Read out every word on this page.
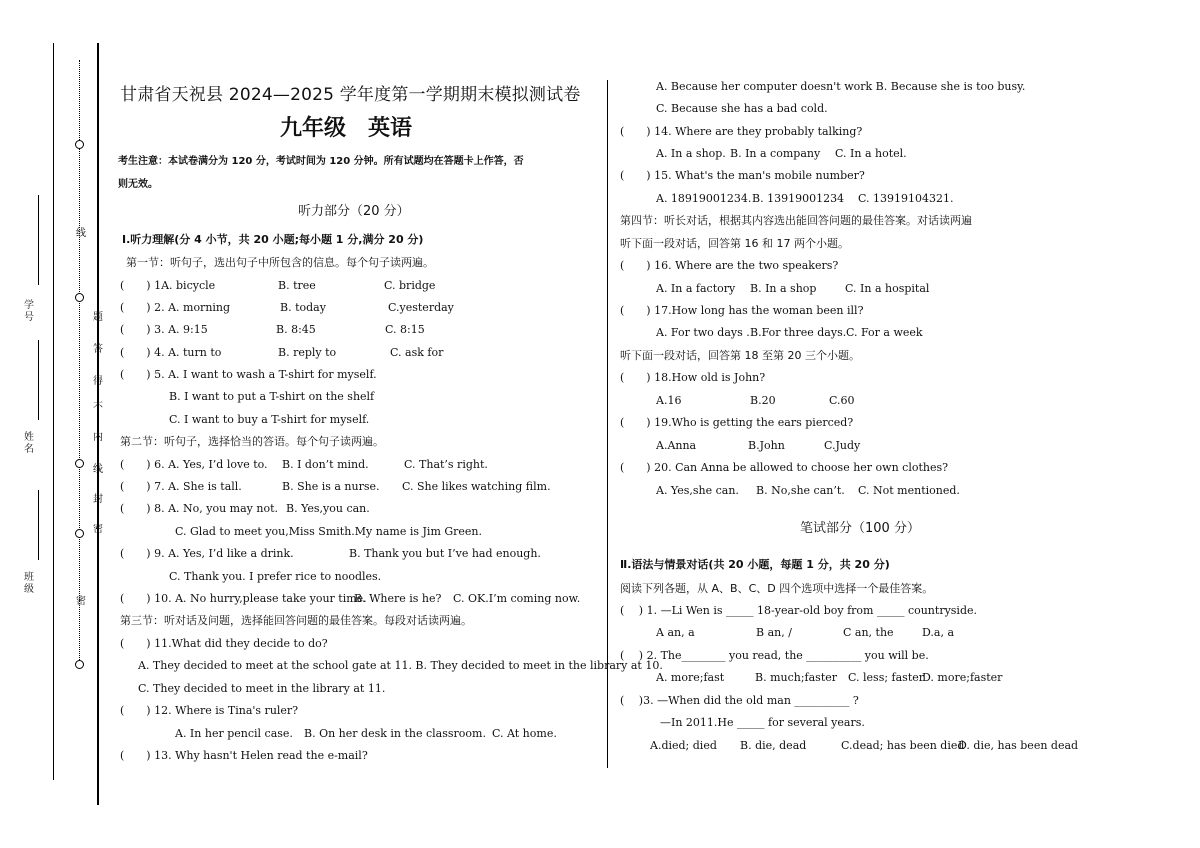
线
题
答
得
不
内
线
封
密
密
学号
姓名
班级
甘肃省天祝县 2024—2025 学年度第一学期期末模拟测试卷
九年级　英语
考生注意：本试卷满分为 120 分，考试时间为 120 分钟。所有试题均在答题卡上作答，否
则无效。
听力部分（20 分）
Ⅰ.听力理解(分 4 小节，共 20 小题;每小题 1 分,满分 20 分)
第一节：听句子，选出句子中所包含的信息。每个句子读两遍。
(　　) 1A. bicycle	B. tree	C. bridge
(　　) 2. A. morning	B. today	C.yesterday
(　　) 3. A. 9:15	B. 8:45	C. 8:15
(　　) 4. A. turn to	B. reply to	C. ask for
(　　) 5. A. I want to wash a T-shirt for myself.
B. I want to put a T-shirt on the shelf
C. I want to buy a T-shirt for myself.
第二节：听句子，选择恰当的答语。每个句子读两遍。
(　　) 6. A. Yes, I’d love to. B. I don’t mind.	C. That’s right.
(　　) 7. A. She is tall.	B. She is a nurse. C. She likes watching film.
(　　) 8. A. No, you may not. B. Yes,you can.
C. Glad to meet you,Miss Smith.My name is Jim Green.
(　　) 9. A. Yes, I’d like a drink.	B. Thank you but I’ve had enough.
C. Thank you. I prefer rice to noodles.
(　　) 10. A. No hurry,please take your time.
B. Where is he? C. OK.I’m coming now.
第三节：听对话及问题，选择能回答问题的最佳答案。每段对话读两遍。
(　　) 11.What did they decide to do?
A. They decided to meet at the school gate at 11. B. They decided to meet in the library at 10.
C. They decided to meet in the library at 11.
(　　) 12. Where is Tina's ruler?
A. In her pencil case. B. On her desk in the classroom. C. At home.
(　　) 13. Why hasn't Helen read the e-mail?
A. Because her computer doesn't work B. Because she is too busy.
C. Because she has a bad cold.
(　　) 14. Where are they probably talking?
A. In a shop. B. In a company C. In a hotel.
(　　) 15. What's the man's mobile number?
A. 18919001234. B. 13919001234 C. 13919104321.
第四节：听长对话，根据其内容选出能回答问题的最佳答案。对话读两遍
听下面一段对话，回答第 16 和 17 两个小题。
(　　) 16. Where are the two speakers?
A. In a factory B. In a shop	C. In a hospital
(　　) 17.How long has the woman been ill?
A. For two days . B.For three days. C. For a week
听下面一段对话，回答第 18 至第 20 三个小题。
(　　) 18.How old is John?
A.16	B.20	C.60
(　　) 19.Who is getting the ears pierced?
A.Anna	B.John	C.Judy
(　　) 20. Can Anna be allowed to choose her own clothes?
A. Yes,she can. B. No,she can’t. C. Not mentioned.
笔试部分（100 分）
Ⅱ.语法与情景对话(共 20 小题，每题 1 分，共 20 分)
阅读下列各题，从 A、B、C、D 四个选项中选择一个最佳答案。
(　 ) 1. —Li Wen is _____ 18-year-old boy from _____ countryside.
A an, a	B an, /	C an, the	D.a, a
(　 ) 2. The________ you read, the __________ you will be.
A. more;fast	B. much;faster C. less; faster
D. more;faster
(　 )3. —When did the old man __________ ?
—In 2011.He _____ for several years.
A.died; died B. die, dead	C.dead; has been died
D. die, has been dead
